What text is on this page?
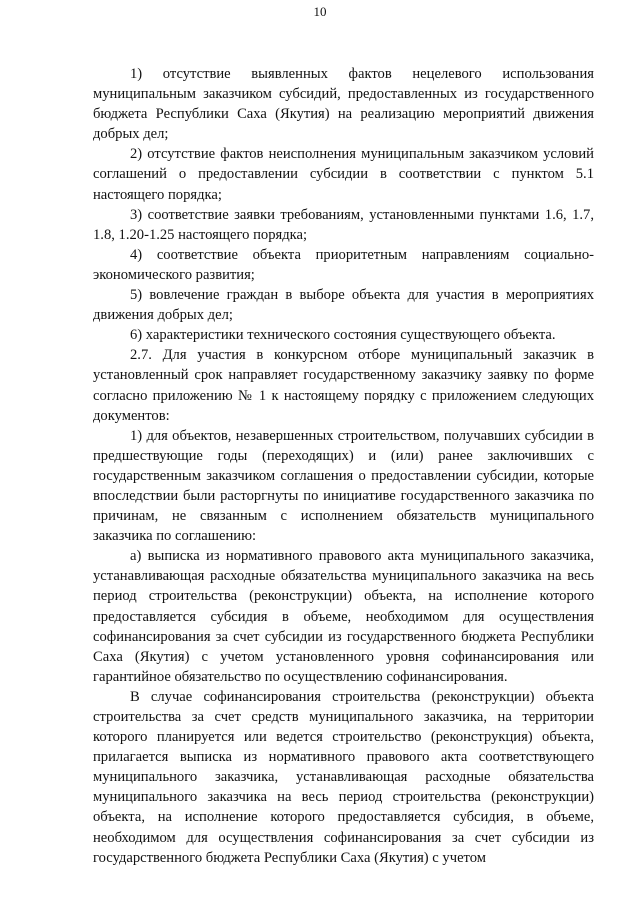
10

1) отсутствие выявленных фактов нецелевого использования муниципальным заказчиком субсидий, предоставленных из государственного бюджета Республики Саха (Якутия) на реализацию мероприятий движения добрых дел;

2) отсутствие фактов неисполнения муниципальным заказчиком условий соглашений о предоставлении субсидии в соответствии с пунктом 5.1 настоящего порядка;

3) соответствие заявки требованиям, установленными пунктами 1.6, 1.7, 1.8, 1.20-1.25 настоящего порядка;

4) соответствие объекта приоритетным направлениям социально-экономического развития;

5) вовлечение граждан в выборе объекта для участия в мероприятиях движения добрых дел;

6) характеристики технического состояния существующего объекта.

2.7. Для участия в конкурсном отборе муниципальный заказчик в установленный срок направляет государственному заказчику заявку по форме согласно приложению № 1 к настоящему порядку с приложением следующих документов:

1) для объектов, незавершенных строительством, получавших субсидии в предшествующие годы (переходящих) и (или) ранее заключивших с государственным заказчиком соглашения о предоставлении субсидии, которые впоследствии были расторгнуты по инициативе государственного заказчика по причинам, не связанным с исполнением обязательств муниципального заказчика по соглашению:

а) выписка из нормативного правового акта муниципального заказчика, устанавливающая расходные обязательства муниципального заказчика на весь период строительства (реконструкции) объекта, на исполнение которого предоставляется субсидия в объеме, необходимом для осуществления софинансирования за счет субсидии из государственного бюджета Республики Саха (Якутия) с учетом установленного уровня софинансирования или гарантийное обязательство по осуществлению софинансирования.

В случае софинансирования строительства (реконструкции) объекта строительства за счет средств муниципального заказчика, на территории которого планируется или ведется строительство (реконструкция) объекта, прилагается выписка из нормативного правового акта соответствующего муниципального заказчика, устанавливающая расходные обязательства муниципального заказчика на весь период строительства (реконструкции) объекта, на исполнение которого предоставляется субсидия, в объеме, необходимом для осуществления софинансирования за счет субсидии из государственного бюджета Республики Саха (Якутия) с учетом
